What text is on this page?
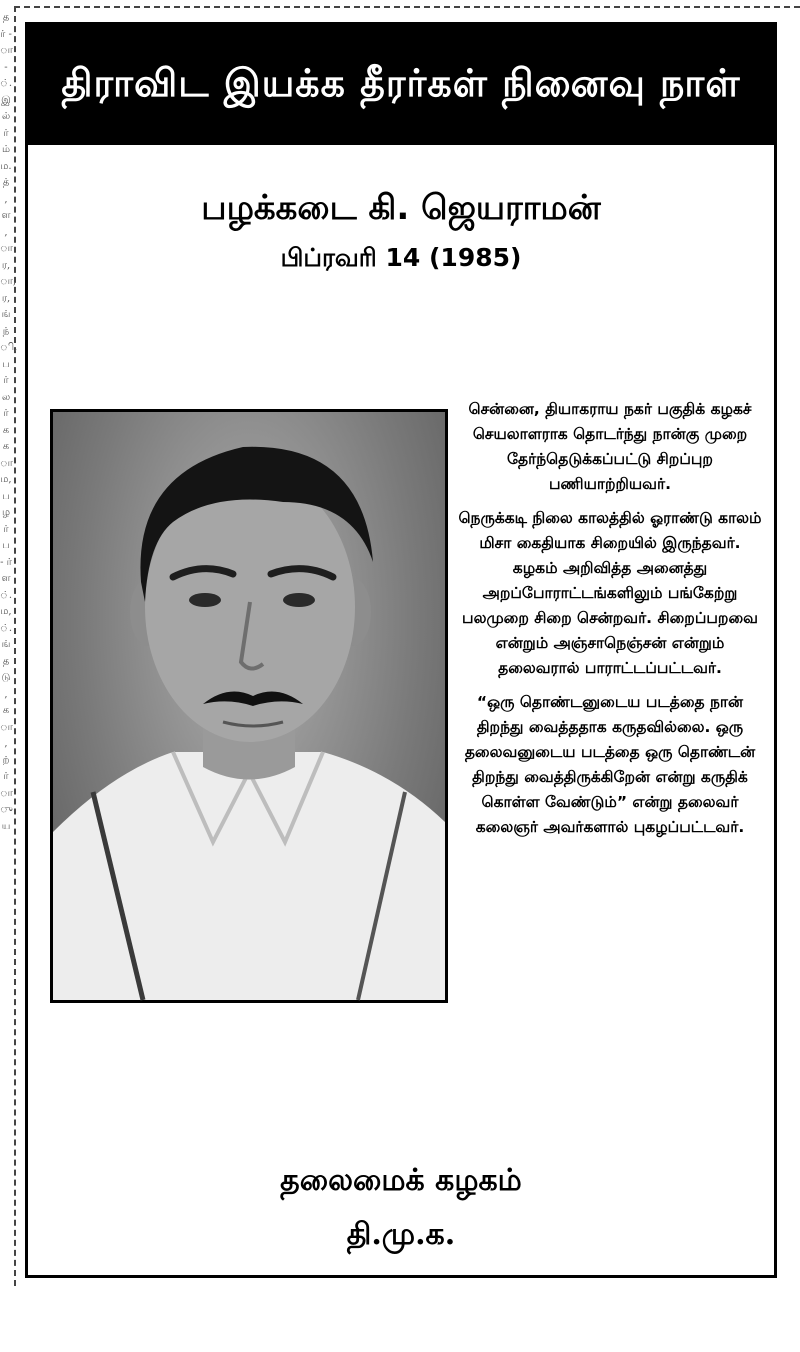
த ர் - ா - ். இ ல் ர் ம் ம. த் , ள , ா ர, ா, ர, ங் ந் ி, ப ர் ல ர் க க ா ம, ப ழ ர் ப - ர் ள ். ம, ். ங் த டு , க ா , ற் ர் ா ு ய
திராவிட இயக்க தீரர்கள் நினைவு நாள்
பழக்கடை கி. ஜெயராமன்
பிப்ரவரி 14 (1985)

சென்னை, தியாகராய நகர் பகுதிக் கழகச் செயலாளராக தொடர்ந்து நான்கு முறை தேர்ந்தெடுக்கப்பட்டு சிறப்புற பணியாற்றியவர்.

நெருக்கடி நிலை காலத்தில் ஓராண்டு காலம் மிசா கைதியாக சிறையில் இருந்தவர். கழகம் அறிவித்த அனைத்து அறப்போராட்டங்களிலும் பங்கேற்று பலமுறை சிறை சென்றவர். சிறைப்பறவை என்றும் அஞ்சாநெஞ்சன் என்றும் தலைவரால் பாராட்டப்பட்டவர்.

“ஒரு தொண்டனுடைய படத்தை நான் திறந்து வைத்ததாக கருதவில்லை. ஒரு தலைவனுடைய படத்தை ஒரு தொண்டன் திறந்து வைத்திருக்கிறேன் என்று கருதிக் கொள்ள வேண்டும்” என்று தலைவர் கலைஞர் அவர்களால் புகழப்பட்டவர்.

தலைமைக் கழகம்
தி.மு.க.
